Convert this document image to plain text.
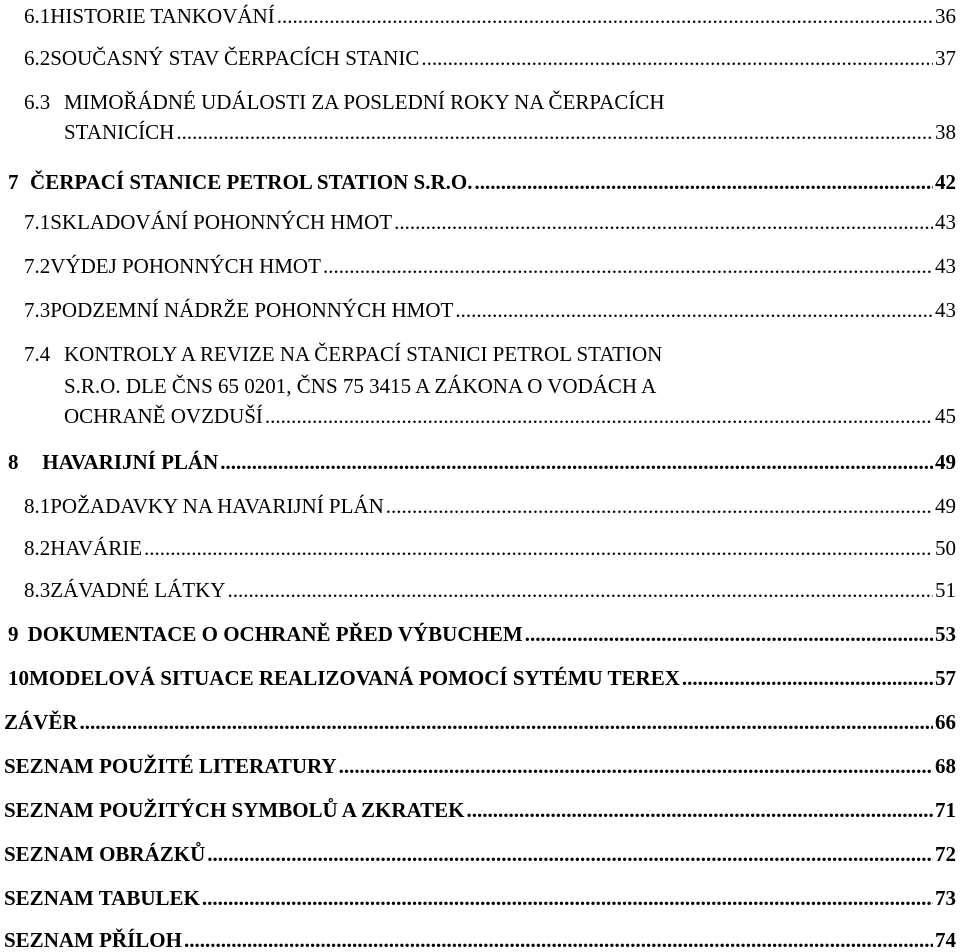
6.1 HISTORIE TANKOVÁNÍ .....	36
6.2 SOUČASNÝ STAV ČERPACÍCH STANIC .....	37
6.3 MIMOŘÁDNÉ UDÁLOSTI ZA POSLEDNÍ ROKY NA ČERPACÍCH
STANICÍCH .....	38
7 ČERPACÍ STANICE PETROL STATION S.R.O. .....	42
7.1 SKLADOVÁNÍ POHONNÝCH HMOT .....	43
7.2 VÝDEJ POHONNÝCH HMOT .....	43
7.3 PODZEMNÍ NÁDRŽE POHONNÝCH HMOT .....	43
7.4 KONTROLY A REVIZE NA ČERPACÍ STANICI PETROL STATION
S.R.O. DLE ČNS 65 0201, ČNS 75 3415 A ZÁKONA O VODÁCH A
OCHRANĚ OVZDUŠÍ .....	45
8	HAVARIJNÍ PLÁN .....	49
8.1 POŽADAVKY NA HAVARIJNÍ PLÁN .....	49
8.2 HAVÁRIE .....	50
8.3 ZÁVADNÉ LÁTKY .....	51
9 DOKUMENTACE O OCHRANĚ PŘED VÝBUCHEM .....	53
10 MODELOVÁ SITUACE REALIZOVANÁ POMOCÍ SYTÉMU TEREX .....	57
ZÁVĚR .....	66
SEZNAM POUŽITÉ LITERATURY .....	68
SEZNAM POUŽITÝCH SYMBOLŮ A ZKRATEK .....	71
SEZNAM OBRÁZKŮ .....	72
SEZNAM TABULEK .....	73
SEZNAM PŘÍLOH .....	74
